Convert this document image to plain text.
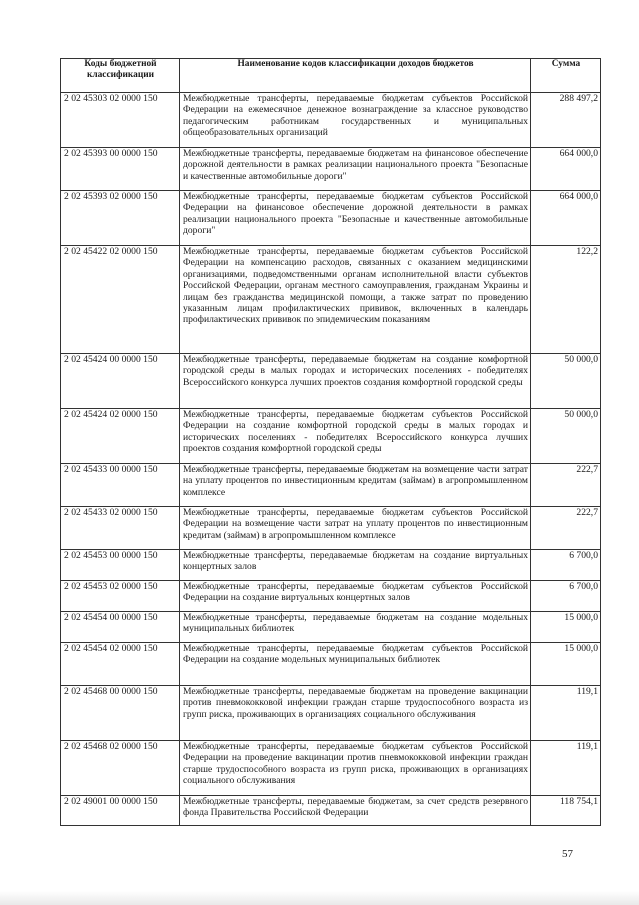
Коды бюджетной классификации	Наименование кодов классификации доходов бюджетов	Сумма
2 02 45303 02 0000 150	Межбюджетные трансферты, передаваемые бюджетам субъектов Российской Федерации на ежемесячное денежное вознаграждение за классное руководство педагогическим работникам государственных и муниципальных общеобразовательных организаций	288 497,2
2 02 45393 00 0000 150	Межбюджетные трансферты, передаваемые бюджетам на финансовое обеспечение дорожной деятельности в рамках реализации национального проекта "Безопасные и качественные автомобильные дороги"	664 000,0
2 02 45393 02 0000 150	Межбюджетные трансферты, передаваемые бюджетам субъектов Российской Федерации на финансовое обеспечение дорожной деятельности в рамках реализации национального проекта "Безопасные и качественные автомобильные дороги"	664 000,0
2 02 45422 02 0000 150	Межбюджетные трансферты, передаваемые бюджетам субъектов Российской Федерации на компенсацию расходов, связанных с оказанием медицинскими организациями, подведомственными органам исполнительной власти субъектов Российской Федерации, органам местного самоуправления, гражданам Украины и лицам без гражданства медицинской помощи, а также затрат по проведению указанным лицам профилактических прививок, включенных в календарь профилактических прививок по эпидемическим показаниям	122,2
2 02 45424 00 0000 150	Межбюджетные трансферты, передаваемые бюджетам на создание комфортной городской среды в малых городах и исторических поселениях - победителях Всероссийского конкурса лучших проектов создания комфортной городской среды	50 000,0
2 02 45424 02 0000 150	Межбюджетные трансферты, передаваемые бюджетам субъектов Российской Федерации на создание комфортной городской среды в малых городах и исторических поселениях - победителях Всероссийского конкурса лучших проектов создания комфортной городской среды	50 000,0
2 02 45433 00 0000 150	Межбюджетные трансферты, передаваемые бюджетам на возмещение части затрат на уплату процентов по инвестиционным кредитам (займам) в агропромышленном комплексе	222,7
2 02 45433 02 0000 150	Межбюджетные трансферты, передаваемые бюджетам субъектов Российской Федерации на возмещение части затрат на уплату процентов по инвестиционным кредитам (займам) в агропромышленном комплексе	222,7
2 02 45453 00 0000 150	Межбюджетные трансферты, передаваемые бюджетам на создание виртуальных концертных залов	6 700,0
2 02 45453 02 0000 150	Межбюджетные трансферты, передаваемые бюджетам субъектов Российской Федерации на создание виртуальных концертных залов	6 700,0
2 02 45454 00 0000 150	Межбюджетные трансферты, передаваемые бюджетам на создание модельных муниципальных библиотек	15 000,0
2 02 45454 02 0000 150	Межбюджетные трансферты, передаваемые бюджетам субъектов Российской Федерации на создание модельных муниципальных библиотек	15 000,0
2 02 45468 00 0000 150	Межбюджетные трансферты, передаваемые бюджетам на проведение вакцинации против пневмококковой инфекции граждан старше трудоспособного возраста из групп риска, проживающих в организациях социального обслуживания	119,1
2 02 45468 02 0000 150	Межбюджетные трансферты, передаваемые бюджетам субъектов Российской Федерации на проведение вакцинации против пневмококковой инфекции граждан старше трудоспособного возраста из групп риска, проживающих в организациях социального обслуживания	119,1
2 02 49001 00 0000 150	Межбюджетные трансферты, передаваемые бюджетам, за счет средств резервного фонда Правительства Российской Федерации	118 754,1
57
